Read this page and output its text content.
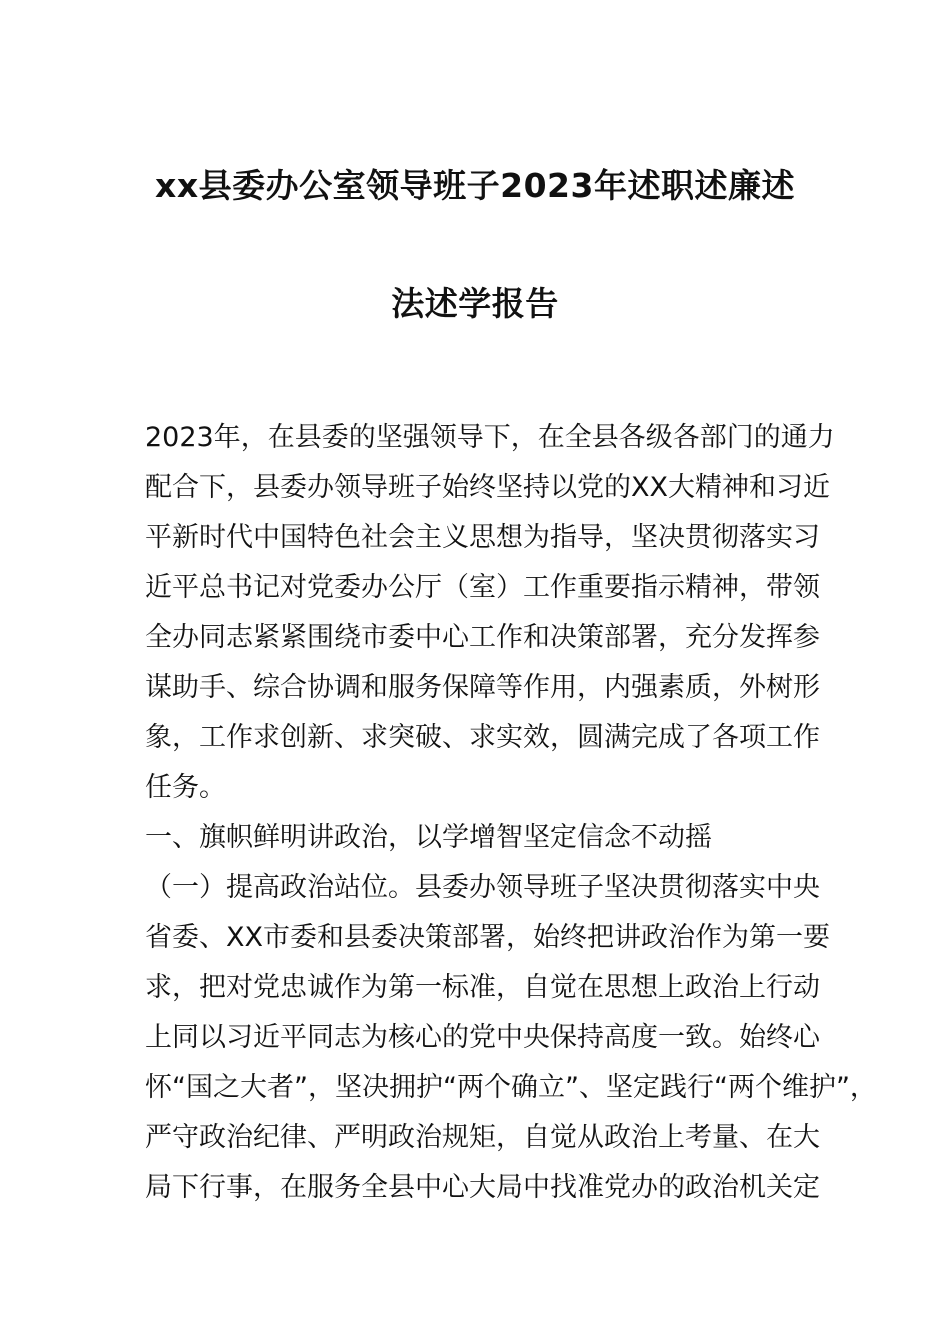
xx县委办公室领导班子2023年述职述廉述
法述学报告
2023年，在县委的坚强领导下，在全县各级各部门的通力
配合下，县委办领导班子始终坚持以党的XX大精神和习近
平新时代中国特色社会主义思想为指导，坚决贯彻落实习
近平总书记对党委办公厅（室）工作重要指示精神，带领
全办同志紧紧围绕市委中心工作和决策部署，充分发挥参
谋助手、综合协调和服务保障等作用，内强素质，外树形
象，工作求创新、求突破、求实效，圆满完成了各项工作
任务。
一、旗帜鲜明讲政治，以学增智坚定信念不动摇
（一）提高政治站位。县委办领导班子坚决贯彻落实中央
省委、XX市委和县委决策部署，始终把讲政治作为第一要
求，把对党忠诚作为第一标准，自觉在思想上政治上行动
上同以习近平同志为核心的党中央保持高度一致。始终心
怀“国之大者”，坚决拥护“两个确立”、坚定践行“两个维护”，
严守政治纪律、严明政治规矩，自觉从政治上考量、在大
局下行事，在服务全县中心大局中找准党办的政治机关定
